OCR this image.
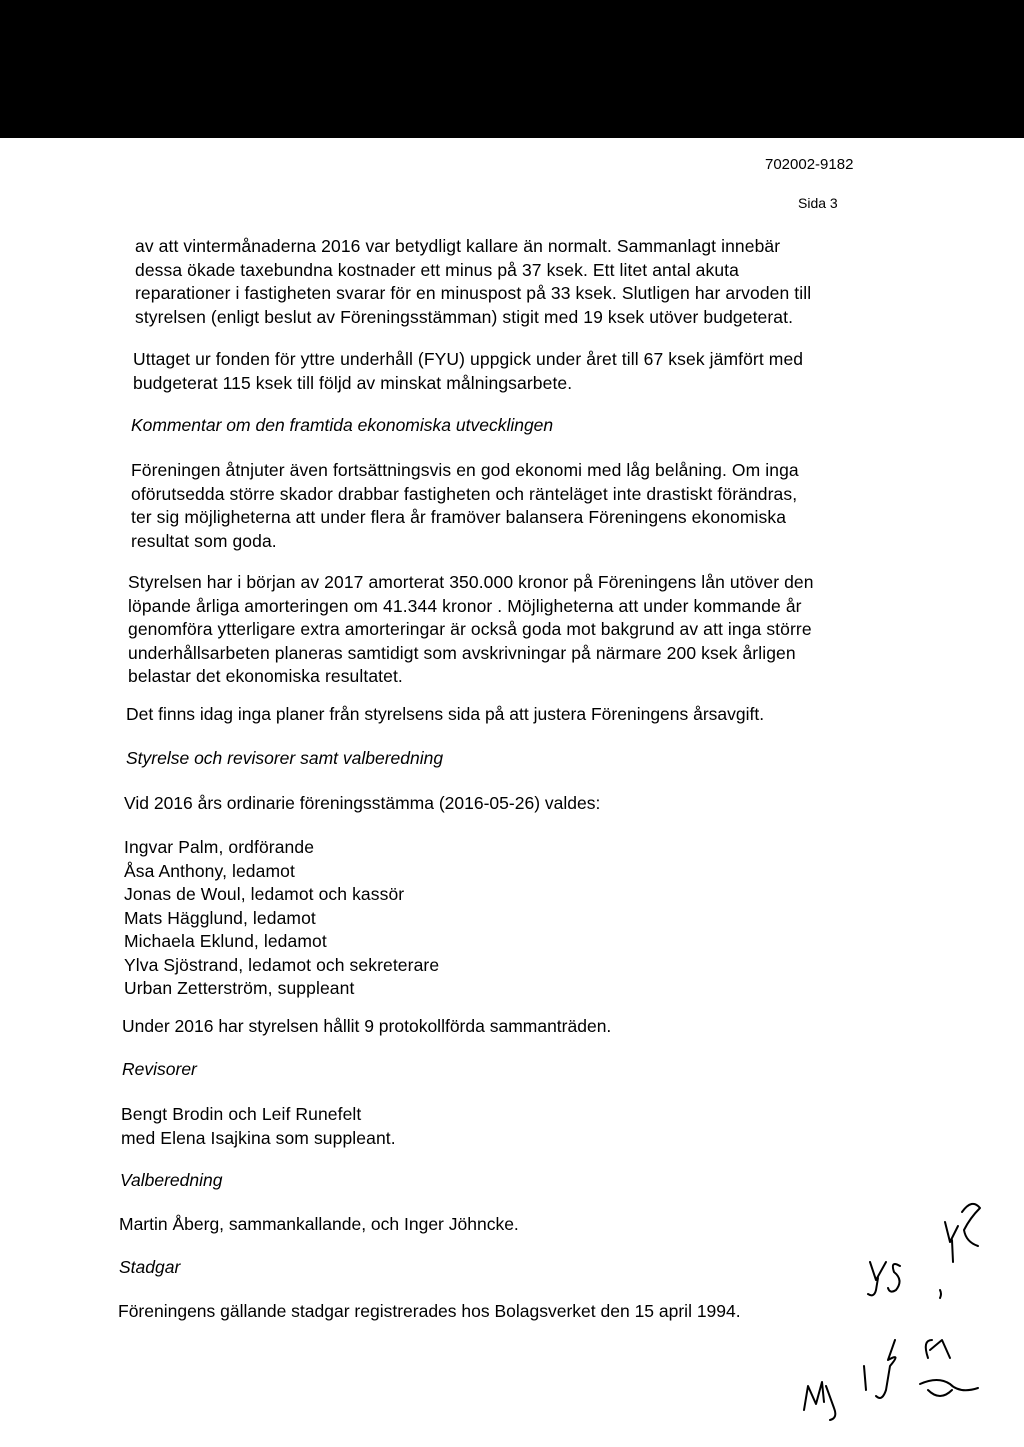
702002-9182
Sida 3

av att vintermånaderna 2016 var betydligt kallare än normalt. Sammanlagt innebär
dessa ökade taxebundna kostnader ett minus på 37 ksek. Ett litet antal akuta
reparationer i fastigheten svarar för en minuspost på 33 ksek. Slutligen har arvoden till
styrelsen (enligt beslut av Föreningsstämman) stigit med 19 ksek utöver budgeterat.

Uttaget ur fonden för yttre underhåll (FYU) uppgick under året till 67 ksek jämfört med
budgeterat 115 ksek till följd av minskat målningsarbete.

Kommentar om den framtida ekonomiska utvecklingen

Föreningen åtnjuter även fortsättningsvis en god ekonomi med låg belåning. Om inga
oförutsedda större skador drabbar fastigheten och ränteläget inte drastiskt förändras,
ter sig möjligheterna att under flera år framöver balansera Föreningens ekonomiska
resultat som goda.

Styrelsen har i början av 2017 amorterat 350.000 kronor på Föreningens lån utöver den
löpande årliga amorteringen om 41.344 kronor . Möjligheterna att under kommande år
genomföra ytterligare extra amorteringar är också goda mot bakgrund av att inga större
underhållsarbeten planeras samtidigt som avskrivningar på närmare 200 ksek årligen
belastar det ekonomiska resultatet.

Det finns idag inga planer från styrelsens sida på att justera Föreningens årsavgift.

Styrelse och revisorer samt valberedning

Vid 2016 års ordinarie föreningsstämma (2016-05-26) valdes:

Ingvar Palm, ordförande
Åsa Anthony, ledamot
Jonas de Woul, ledamot och kassör
Mats Hägglund, ledamot
Michaela Eklund, ledamot
Ylva Sjöstrand, ledamot och sekreterare
Urban Zetterström, suppleant

Under 2016 har styrelsen hållit 9 protokollförda sammanträden.

Revisorer

Bengt Brodin och Leif Runefelt
med Elena Isajkina som suppleant.

Valberedning

Martin Åberg, sammankallande, och Inger Jöhncke.

Stadgar

Föreningens gällande stadgar registrerades hos Bolagsverket den 15 april 1994.
